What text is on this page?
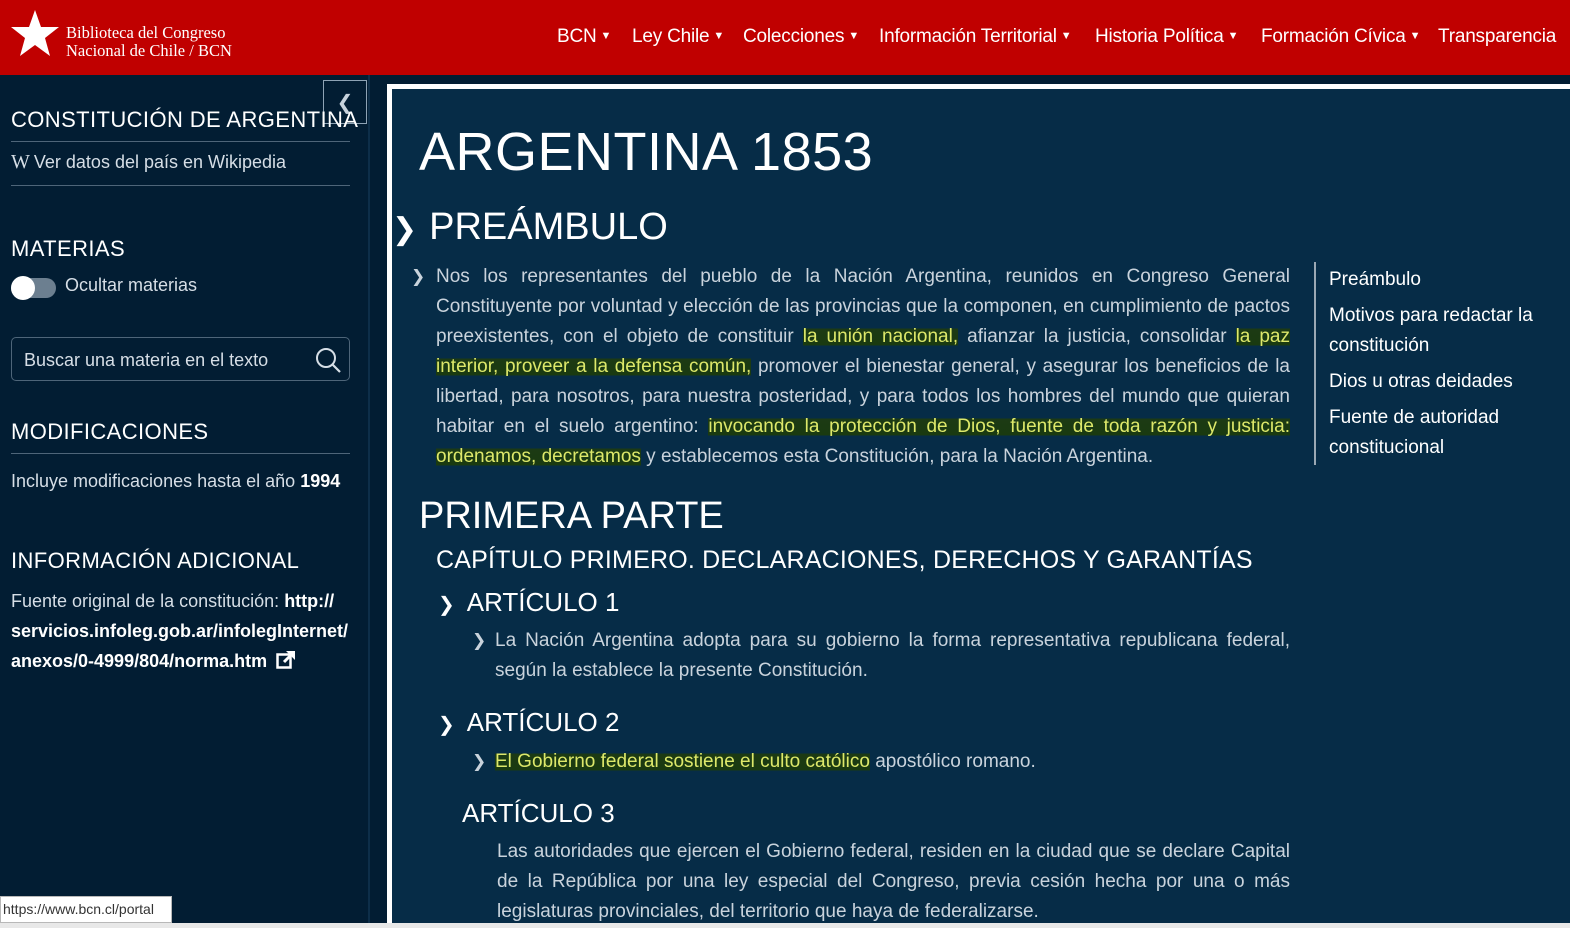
Biblioteca del Congreso
Nacional de Chile / BCN
BCN ▼ Ley Chile ▼ Colecciones ▼ Información Territorial ▼ Historia Política ▼ Formación Cívica ▼ Transparencia
❮
CONSTITUCIÓN DE ARGENTINA
W Ver datos del país en Wikipedia
MATERIAS
Ocultar materias
Buscar una materia en el texto
MODIFICACIONES
Incluye modificaciones hasta el año 1994
INFORMACIÓN ADICIONAL
Fuente original de la constitución: http://
servicios.infoleg.gob.ar/infolegInternet/
anexos/0-4999/804/norma.htm
ARGENTINA 1853
❯ PREÁMBULO
❯ Nos los representantes del pueblo de la Nación Argentina, reunidos en Congreso General Constituyente por voluntad y elección de las provincias que la componen, en cumplimiento de pactos preexistentes, con el objeto de constituir la unión nacional, afianzar la justicia, consolidar la paz interior, proveer a la defensa común, promover el bienestar general, y asegurar los beneficios de la libertad, para nosotros, para nuestra posteridad, y para todos los hombres del mundo que quieran habitar en el suelo argentino: invocando la protección de Dios, fuente de toda razón y justicia: ordenamos, decretamos y establecemos esta Constitución, para la Nación Argentina.
PRIMERA PARTE
CAPÍTULO PRIMERO. DECLARACIONES, DERECHOS Y GARANTÍAS
❯ ARTÍCULO 1
❯ La Nación Argentina adopta para su gobierno la forma representativa republicana federal, según la establece la presente Constitución.
❯ ARTÍCULO 2
❯ El Gobierno federal sostiene el culto católico apostólico romano.
ARTÍCULO 3
Las autoridades que ejercen el Gobierno federal, residen en la ciudad que se declare Capital de la República por una ley especial del Congreso, previa cesión hecha por una o más legislaturas provinciales, del territorio que haya de federalizarse.
Preámbulo
Motivos para redactar la
constitución
Dios u otras deidades
Fuente de autoridad
constitucional
https://www.bcn.cl/portal
